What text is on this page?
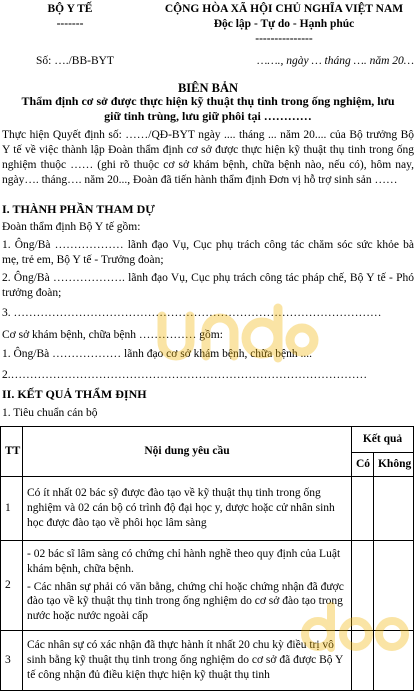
BỘ Y TẾ
-------
CỘNG HÒA XÃ HỘI CHỦ NGHĨA VIỆT NAM
Độc lập - Tự do - Hạnh phúc
---------------
Số: …./BB-BYT	……., ngày … tháng …. năm 20…
BIÊN BẢN
Thẩm định cơ sở được thực hiện kỹ thuật thụ tinh trong ống nghiệm, lưu giữ tinh trùng, lưu giữ phôi tại …………
Thực hiện Quyết định số: ……/QĐ-BYT ngày .... tháng ... năm 20.... của Bộ trưởng Bộ Y tế về việc thành lập Đoàn thẩm định cơ sở được thực hiện kỹ thuật thụ tinh trong ống nghiệm thuộc …… (ghi rõ thuộc cơ sở khám bệnh, chữa bệnh nào, nếu có), hôm nay, ngày…. tháng…. năm 20..., Đoàn đã tiến hành thẩm định Đơn vị hỗ trợ sinh sản ……
I. THÀNH PHẦN THAM DỰ
Đoàn thẩm định Bộ Y tế gồm:
1. Ông/Bà ……………… lãnh đạo Vụ, Cục phụ trách công tác chăm sóc sức khỏe bà mẹ, trẻ em, Bộ Y tế - Trưởng đoàn;
2. Ông/Bà ………………. lãnh đạo Vụ, Cục phụ trách công tác pháp chế, Bộ Y tế - Phó trưởng đoàn;
3. ……………………………………………………………………………………
Cơ sở khám bệnh, chữa bệnh …………… gồm:
1. Ông/Bà ……………… lãnh đạo cơ sở khám bệnh, chữa bệnh ....
2.…………………………………………………………………………………
II. KẾT QUẢ THẨM ĐỊNH
1. Tiêu chuẩn cán bộ
TT	Nội dung yêu cầu	Kết quả	
		Có	Không
1	Có ít nhất 02 bác sỹ được đào tạo về kỹ thuật thụ tinh trong ống nghiệm và 02 cán bộ có trình độ đại học y, dược hoặc cử nhân sinh học được đào tạo về phôi học lâm sàng		
2	- 02 bác sĩ lâm sàng có chứng chỉ hành nghề theo quy định của Luật khám bệnh, chữa bệnh.
- Các nhân sự phải có văn bằng, chứng chỉ hoặc chứng nhận đã được đào tạo về kỹ thuật thụ tinh trong ống nghiệm do cơ sở đào tạo trong nước hoặc nước ngoài cấp		

3	Các nhân sự có xác nhận đã thực hành ít nhất 20 chu kỳ điều trị vô sinh bằng kỹ thuật thụ tinh trong ống nghiệm do cơ sở đã được Bộ Y tế công nhận đủ điều kiện thực hiện kỹ thuật thụ tinh		
